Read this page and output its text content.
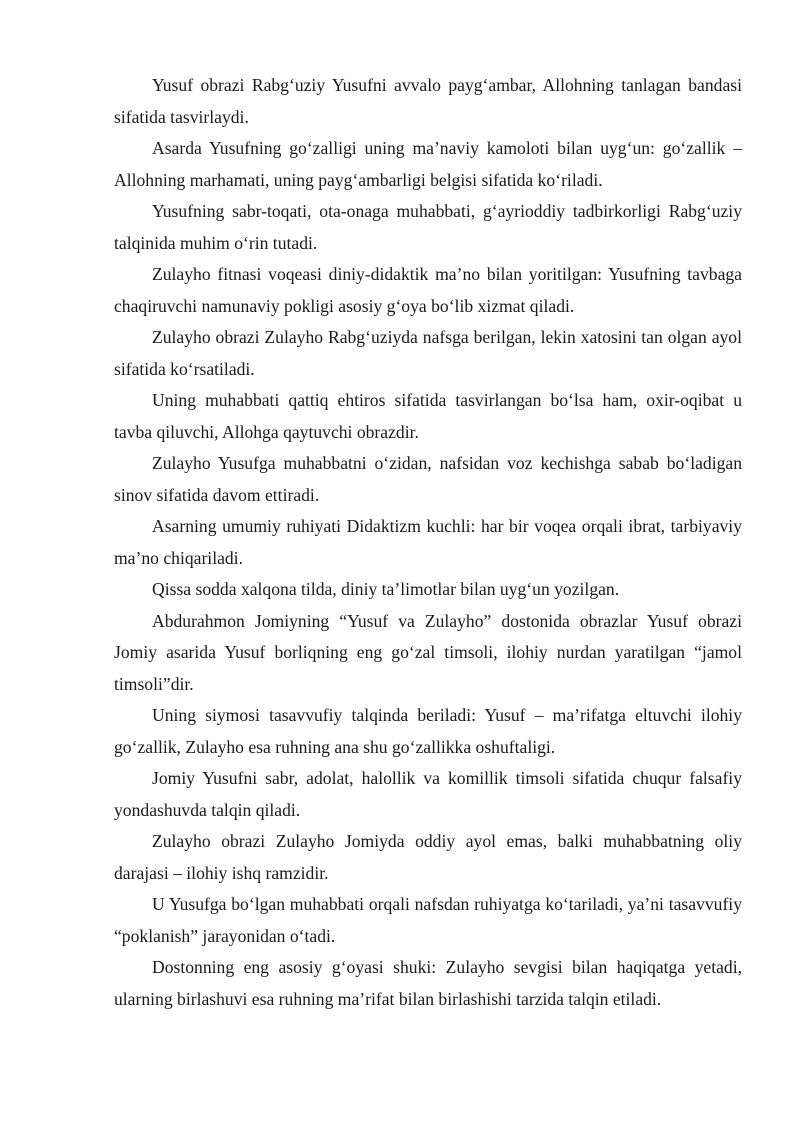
Yusuf obrazi Rabg‘uziy Yusufni avvalo payg‘ambar, Allohning tanlagan bandasi sifatida tasvirlaydi.

Asarda Yusufning go‘zalligi uning ma’naviy kamoloti bilan uyg‘un: go‘zallik – Allohning marhamati, uning payg‘ambarligi belgisi sifatida ko‘riladi.

Yusufning sabr-toqati, ota-onaga muhabbati, g‘ayrioddiy tadbirkorligi Rabg‘uziy talqinida muhim o‘rin tutadi.

Zulayho fitnasi voqeasi diniy-didaktik ma’no bilan yoritilgan: Yusufning tavbaga chaqiruvchi namunaviy pokligi asosiy g‘oya bo‘lib xizmat qiladi.

Zulayho obrazi Zulayho Rabg‘uziyda nafsga berilgan, lekin xatosini tan olgan ayol sifatida ko‘rsatiladi.

Uning muhabbati qattiq ehtiros sifatida tasvirlangan bo‘lsa ham, oxir-oqibat u tavba qiluvchi, Allohga qaytuvchi obrazdir.

Zulayho Yusufga muhabbatni o‘zidan, nafsidan voz kechishga sabab bo‘ladigan sinov sifatida davom ettiradi.

Asarning umumiy ruhiyati Didaktizm kuchli: har bir voqea orqali ibrat, tarbiyaviy ma’no chiqariladi.

Qissa sodda xalqona tilda, diniy ta’limotlar bilan uyg‘un yozilgan.

Abdurahmon Jomiyning “Yusuf va Zulayho” dostonida obrazlar Yusuf obrazi Jomiy asarida Yusuf borliqning eng go‘zal timsoli, ilohiy nurdan yaratilgan “jamol timsoli”dir.

Uning siymosi tasavvufiy talqinda beriladi: Yusuf – ma’rifatga eltuvchi ilohiy go‘zallik, Zulayho esa ruhning ana shu go‘zallikka oshuftaligi.

Jomiy Yusufni sabr, adolat, halollik va komillik timsoli sifatida chuqur falsafiy yondashuvda talqin qiladi.

Zulayho obrazi Zulayho Jomiyda oddiy ayol emas, balki muhabbatning oliy darajasi – ilohiy ishq ramzidir.

U Yusufga bo‘lgan muhabbati orqali nafsdan ruhiyatga ko‘tariladi, ya’ni tasavvufiy “poklanish” jarayonidan o‘tadi.

Dostonning eng asosiy g‘oyasi shuki: Zulayho sevgisi bilan haqiqatga yetadi, ularning birlashuvi esa ruhning ma’rifat bilan birlashishi tarzida talqin etiladi.
